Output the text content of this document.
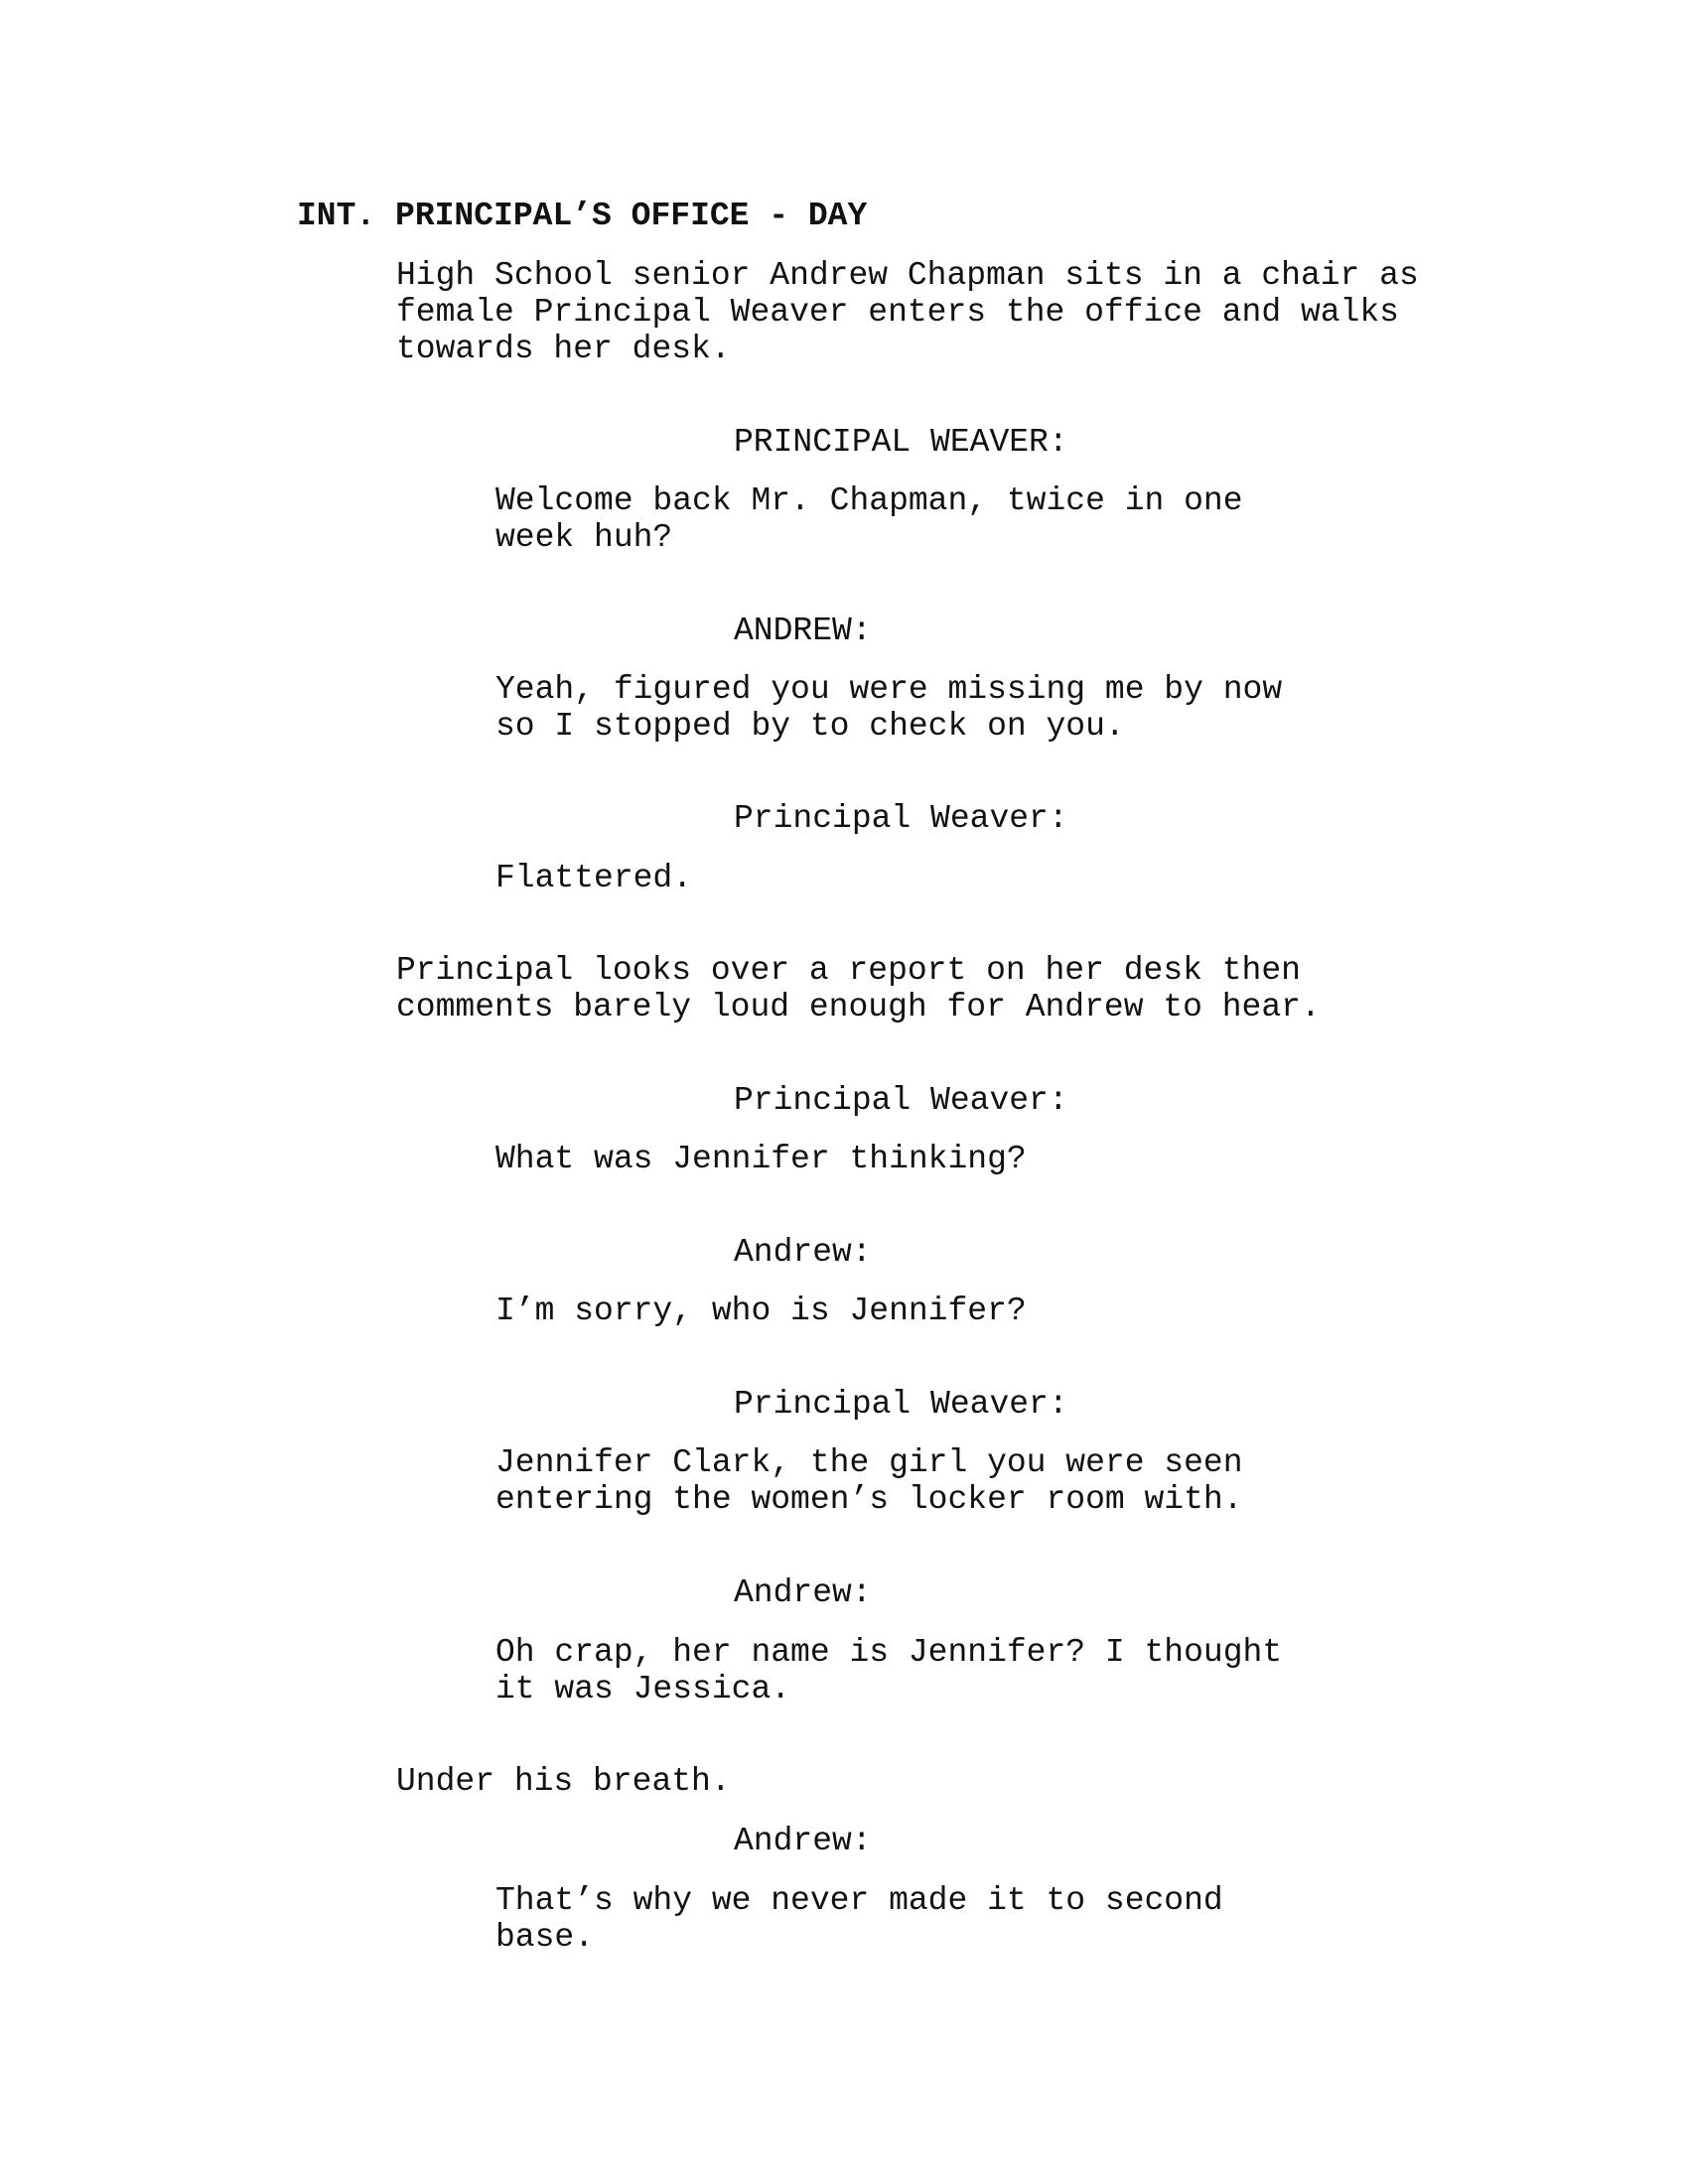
INT. PRINCIPAL’S OFFICE - DAY
High School senior Andrew Chapman sits in a chair as
female Principal Weaver enters the office and walks
towards her desk.
PRINCIPAL WEAVER:
Welcome back Mr. Chapman, twice in one
week huh?
ANDREW:
Yeah, figured you were missing me by now
so I stopped by to check on you.
Principal Weaver:
Flattered.
Principal looks over a report on her desk then
comments barely loud enough for Andrew to hear.
Principal Weaver:
What was Jennifer thinking?
Andrew:
I’m sorry, who is Jennifer?
Principal Weaver:
Jennifer Clark, the girl you were seen
entering the women’s locker room with.
Andrew:
Oh crap, her name is Jennifer? I thought
it was Jessica.
Under his breath.
Andrew:
That’s why we never made it to second
base.
